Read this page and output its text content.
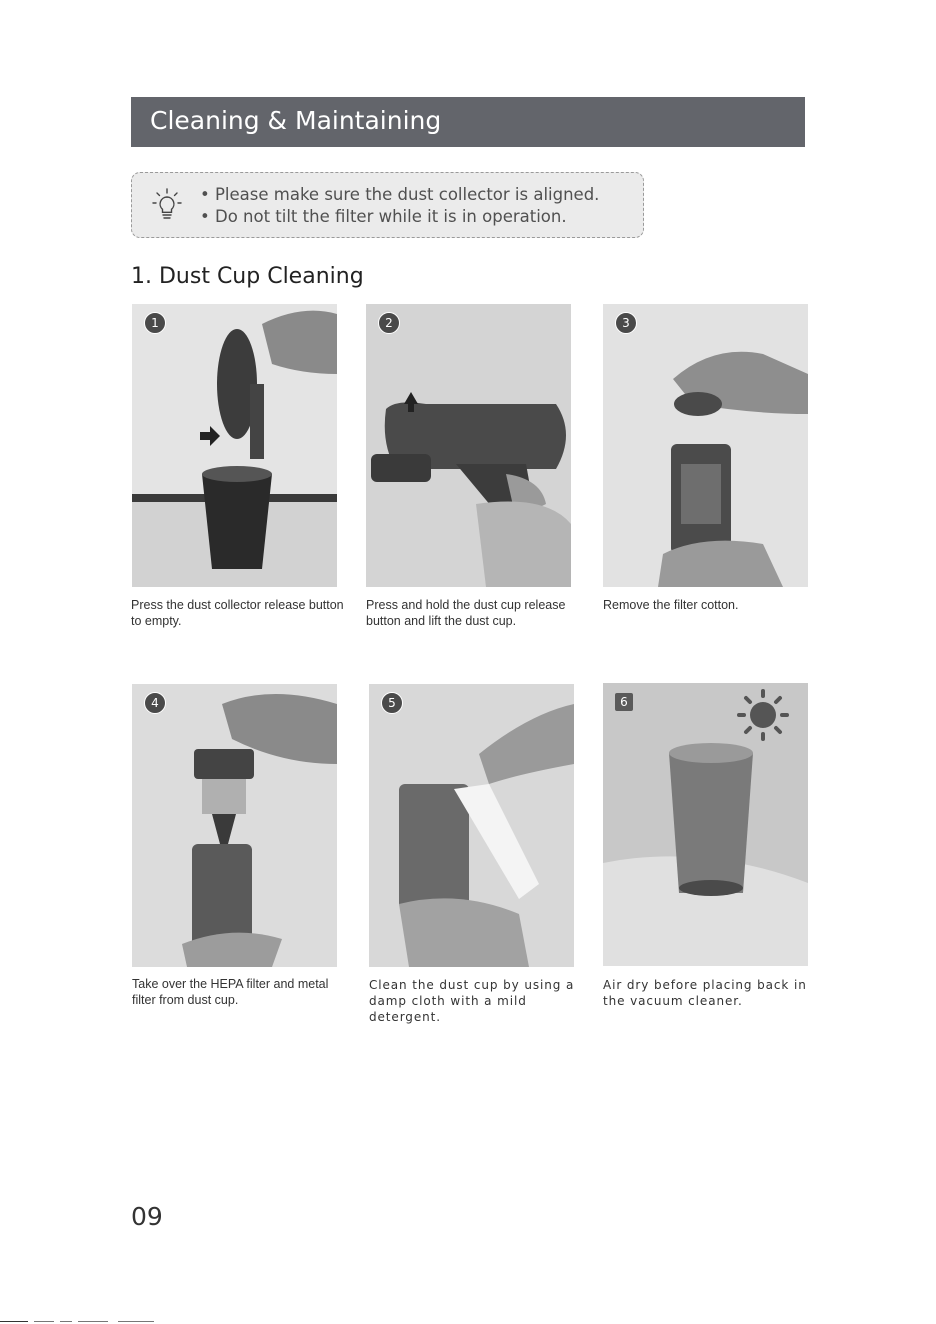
Cleaning & Maintaining
• Please make sure the dust collector is aligned.
• Do not tilt the filter while it is in operation.
1. Dust Cup Cleaning
1
Press the dust collector release button to empty.
2
Press and hold the dust cup release button and lift the dust cup.
3
Remove the filter cotton.
4
Take over the HEPA filter and metal filter from dust cup.
5
Clean the dust cup by using a damp cloth with a mild detergent.
6
Air dry before placing back in the vacuum cleaner.
09
